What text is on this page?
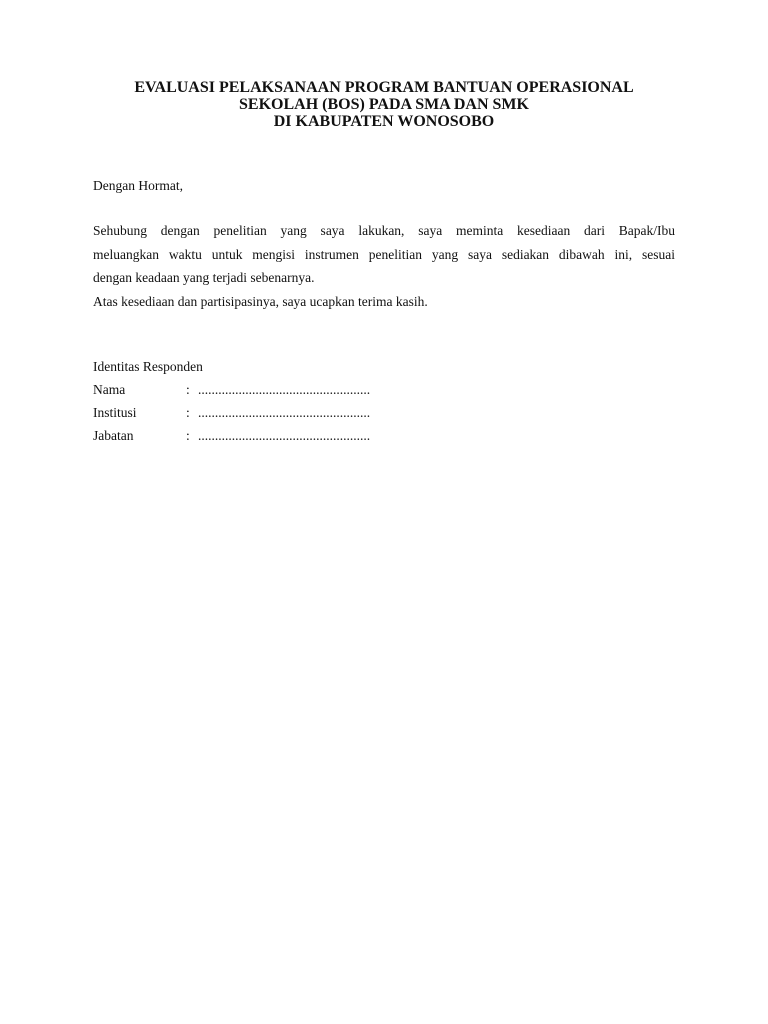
EVALUASI PELAKSANAAN PROGRAM BANTUAN OPERASIONAL
SEKOLAH (BOS) PADA SMA DAN SMK
DI KABUPATEN WONOSOBO
Dengan Hormat,
Sehubung dengan penelitian yang saya lakukan, saya meminta kesediaan dari Bapak/Ibu
meluangkan waktu untuk mengisi instrumen penelitian yang saya sediakan dibawah ini, sesuai
dengan keadaan yang terjadi sebenarnya.
Atas kesediaan dan partisipasinya, saya ucapkan terima kasih.
Identitas Responden
Nama	: ...................................................
Institusi	: ...................................................
Jabatan	: ...................................................
